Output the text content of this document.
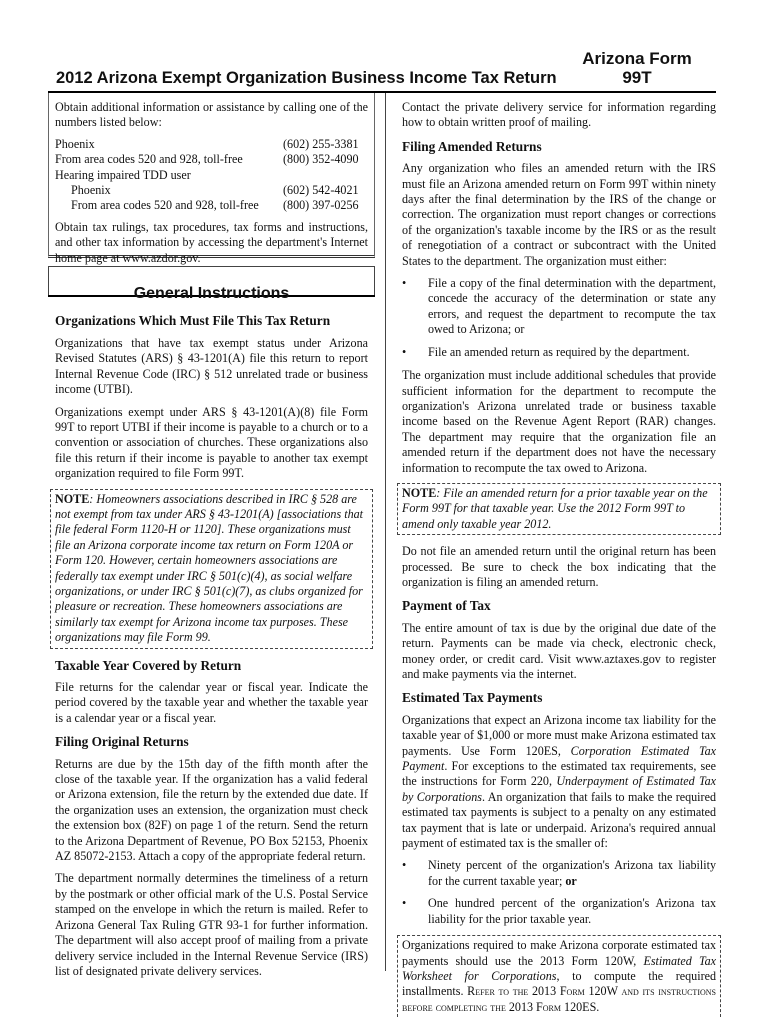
Arizona Form
99T
2012 Arizona Exempt Organization Business Income Tax Return

Obtain additional information or assistance by calling one of the numbers listed below:

Phoenix	(602) 255-3381
From area codes 520 and 928, toll-free	(800) 352-4090
Hearing impaired TDD user
Phoenix	(602) 542-4021
From area codes 520 and 928, toll-free	(800) 397-0256

Obtain tax rulings, tax procedures, tax forms and instructions, and other tax information by accessing the department's Internet home page at www.azdor.gov.

General Instructions
Organizations Which Must File This Tax Return

Organizations that have tax exempt status under Arizona Revised Statutes (ARS) § 43-1201(A) file this return to report Internal Revenue Code (IRC) § 512 unrelated trade or business income (UTBI).

Organizations exempt under ARS § 43-1201(A)(8) file Form 99T to report UTBI if their income is payable to a church or to a convention or association of churches. These organizations also file this return if their income is payable to another tax exempt organization required to file Form 99T.

NOTE: Homeowners associations described in IRC § 528 are not exempt from tax under ARS § 43-1201(A) [associations that file federal Form 1120-H or 1120]. These organizations must file an Arizona corporate income tax return on Form 120A or Form 120. However, certain homeowners associations are federally tax exempt under IRC § 501(c)(4), as social welfare organizations, or under IRC § 501(c)(7), as clubs organized for pleasure or recreation. These homeowners associations are similarly tax exempt for Arizona income tax purposes. These organizations may file Form 99.
Taxable Year Covered by Return

File returns for the calendar year or fiscal year. Indicate the period covered by the taxable year and whether the taxable year is a calendar year or a fiscal year.

Filing Original Returns

Returns are due by the 15th day of the fifth month after the close of the taxable year. If the organization has a valid federal or Arizona extension, file the return by the extended due date. If the organization uses an extension, the organization must check the extension box (82F) on page 1 of the return. Send the return to the Arizona Department of Revenue, PO Box 52153, Phoenix AZ 85072-2153. Attach a copy of the appropriate federal return.

The department normally determines the timeliness of a return by the postmark or other official mark of the U.S. Postal Service stamped on the envelope in which the return is mailed. Refer to Arizona General Tax Ruling GTR 93-1 for further information. The department will also accept proof of mailing from a private delivery service included in the Internal Revenue Service (IRS) list of designated private delivery services.

Contact the private delivery service for information regarding how to obtain written proof of mailing.

Filing Amended Returns

Any organization who files an amended return with the IRS must file an Arizona amended return on Form 99T within ninety days after the final determination by the IRS of the change or correction. The organization must report changes or corrections of the organization's taxable income by the IRS or as the result of renegotiation of a contract or subcontract with the United States to the department. The organization must either:

• File a copy of the final determination with the department, concede the accuracy of the determination or state any errors, and request the department to recompute the tax owed to Arizona; or
• File an amended return as required by the department.

The organization must include additional schedules that provide sufficient information for the department to recompute the organization's Arizona unrelated trade or business taxable income based on the Revenue Agent Report (RAR) changes. The department may require that the organization file an amended return if the department does not have the necessary information to recompute the tax owed to Arizona.

NOTE: File an amended return for a prior taxable year on the Form 99T for that taxable year. Use the 2012 Form 99T to amend only taxable year 2012.

Do not file an amended return until the original return has been processed. Be sure to check the box indicating that the organization is filing an amended return.

Payment of Tax

The entire amount of tax is due by the original due date of the return. Payments can be made via check, electronic check, money order, or credit card. Visit www.aztaxes.gov to register and make payments via the internet.

Estimated Tax Payments

Organizations that expect an Arizona income tax liability for the taxable year of $1,000 or more must make Arizona estimated tax payments. Use Form 120ES, Corporation Estimated Tax Payment. For exceptions to the estimated tax requirements, see the instructions for Form 220, Underpayment of Estimated Tax by Corporations. An organization that fails to make the required estimated tax payments is subject to a penalty on any estimated tax payment that is late or underpaid. Arizona's required annual payment of estimated tax is the smaller of:

• Ninety percent of the organization's Arizona tax liability for the current taxable year; or
• One hundred percent of the organization's Arizona tax liability for the prior taxable year.

Organizations required to make Arizona corporate estimated tax payments should use the 2013 Form 120W, Estimated Tax Worksheet for Corporations, to compute the required installments. Refer to the 2013 Form 120W and its instructions before completing the 2013 Form 120ES.
